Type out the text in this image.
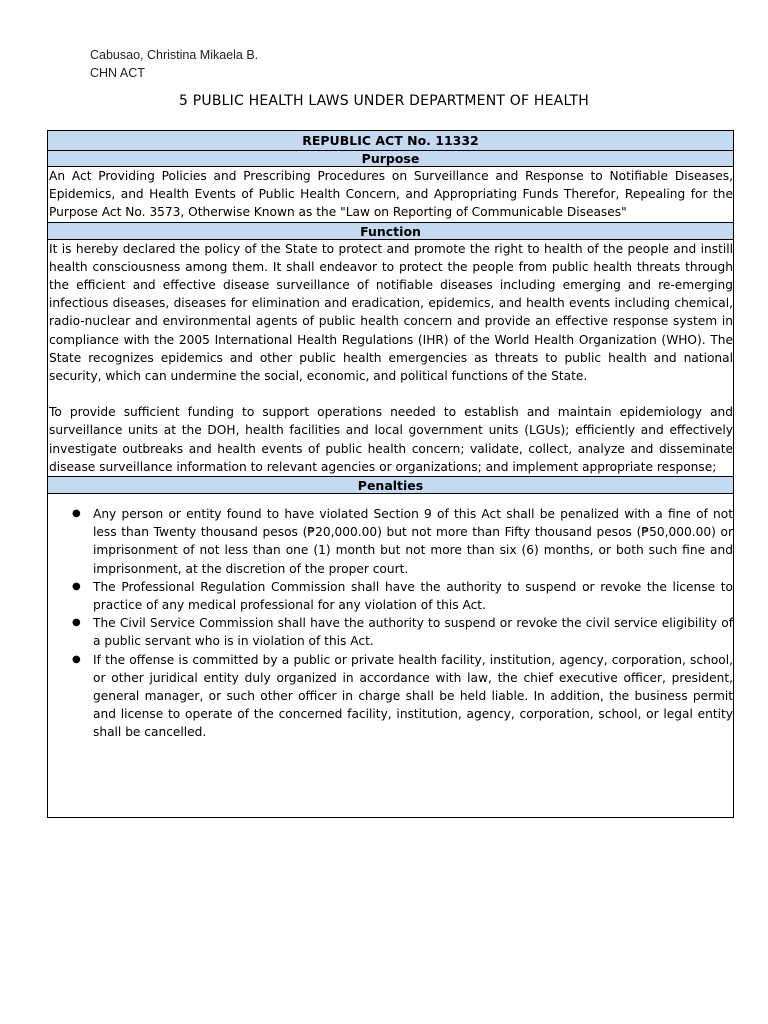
Cabusao, Christina Mikaela B.
CHN ACT
5 PUBLIC HEALTH LAWS UNDER DEPARTMENT OF HEALTH
REPUBLIC ACT No. 11332
Purpose
An Act Providing Policies and Prescribing Procedures on Surveillance and Response to Notifiable Diseases, Epidemics, and Health Events of Public Health Concern, and Appropriating Funds Therefor, Repealing for the Purpose Act No. 3573, Otherwise Known as the "Law on Reporting of Communicable Diseases"
Function
It is hereby declared the policy of the State to protect and promote the right to health of the people and instill health consciousness among them. It shall endeavor to protect the people from public health threats through the efficient and effective disease surveillance of notifiable diseases including emerging and re-emerging infectious diseases, diseases for elimination and eradication, epidemics, and health events including chemical, radio-nuclear and environmental agents of public health concern and provide an effective response system in compliance with the 2005 International Health Regulations (IHR) of the World Health Organization (WHO). The State recognizes epidemics and other public health emergencies as threats to public health and national security, which can undermine the social, economic, and political functions of the State.
To provide sufficient funding to support operations needed to establish and maintain epidemiology and surveillance units at the DOH, health facilities and local government units (LGUs); efficiently and effectively investigate outbreaks and health events of public health concern; validate, collect, analyze and disseminate disease surveillance information to relevant agencies or organizations; and implement appropriate response;
Penalties
● Any person or entity found to have violated Section 9 of this Act shall be penalized with a fine of not less than Twenty thousand pesos (₱20,000.00) but not more than Fifty thousand pesos (₱50,000.00) or imprisonment of not less than one (1) month but not more than six (6) months, or both such fine and imprisonment, at the discretion of the proper court.
● The Professional Regulation Commission shall have the authority to suspend or revoke the license to practice of any medical professional for any violation of this Act.
● The Civil Service Commission shall have the authority to suspend or revoke the civil service eligibility of a public servant who is in violation of this Act.
● If the offense is committed by a public or private health facility, institution, agency, corporation, school, or other juridical entity duly organized in accordance with law, the chief executive officer, president, general manager, or such other officer in charge shall be held liable. In addition, the business permit and license to operate of the concerned facility, institution, agency, corporation, school, or legal entity shall be cancelled.
